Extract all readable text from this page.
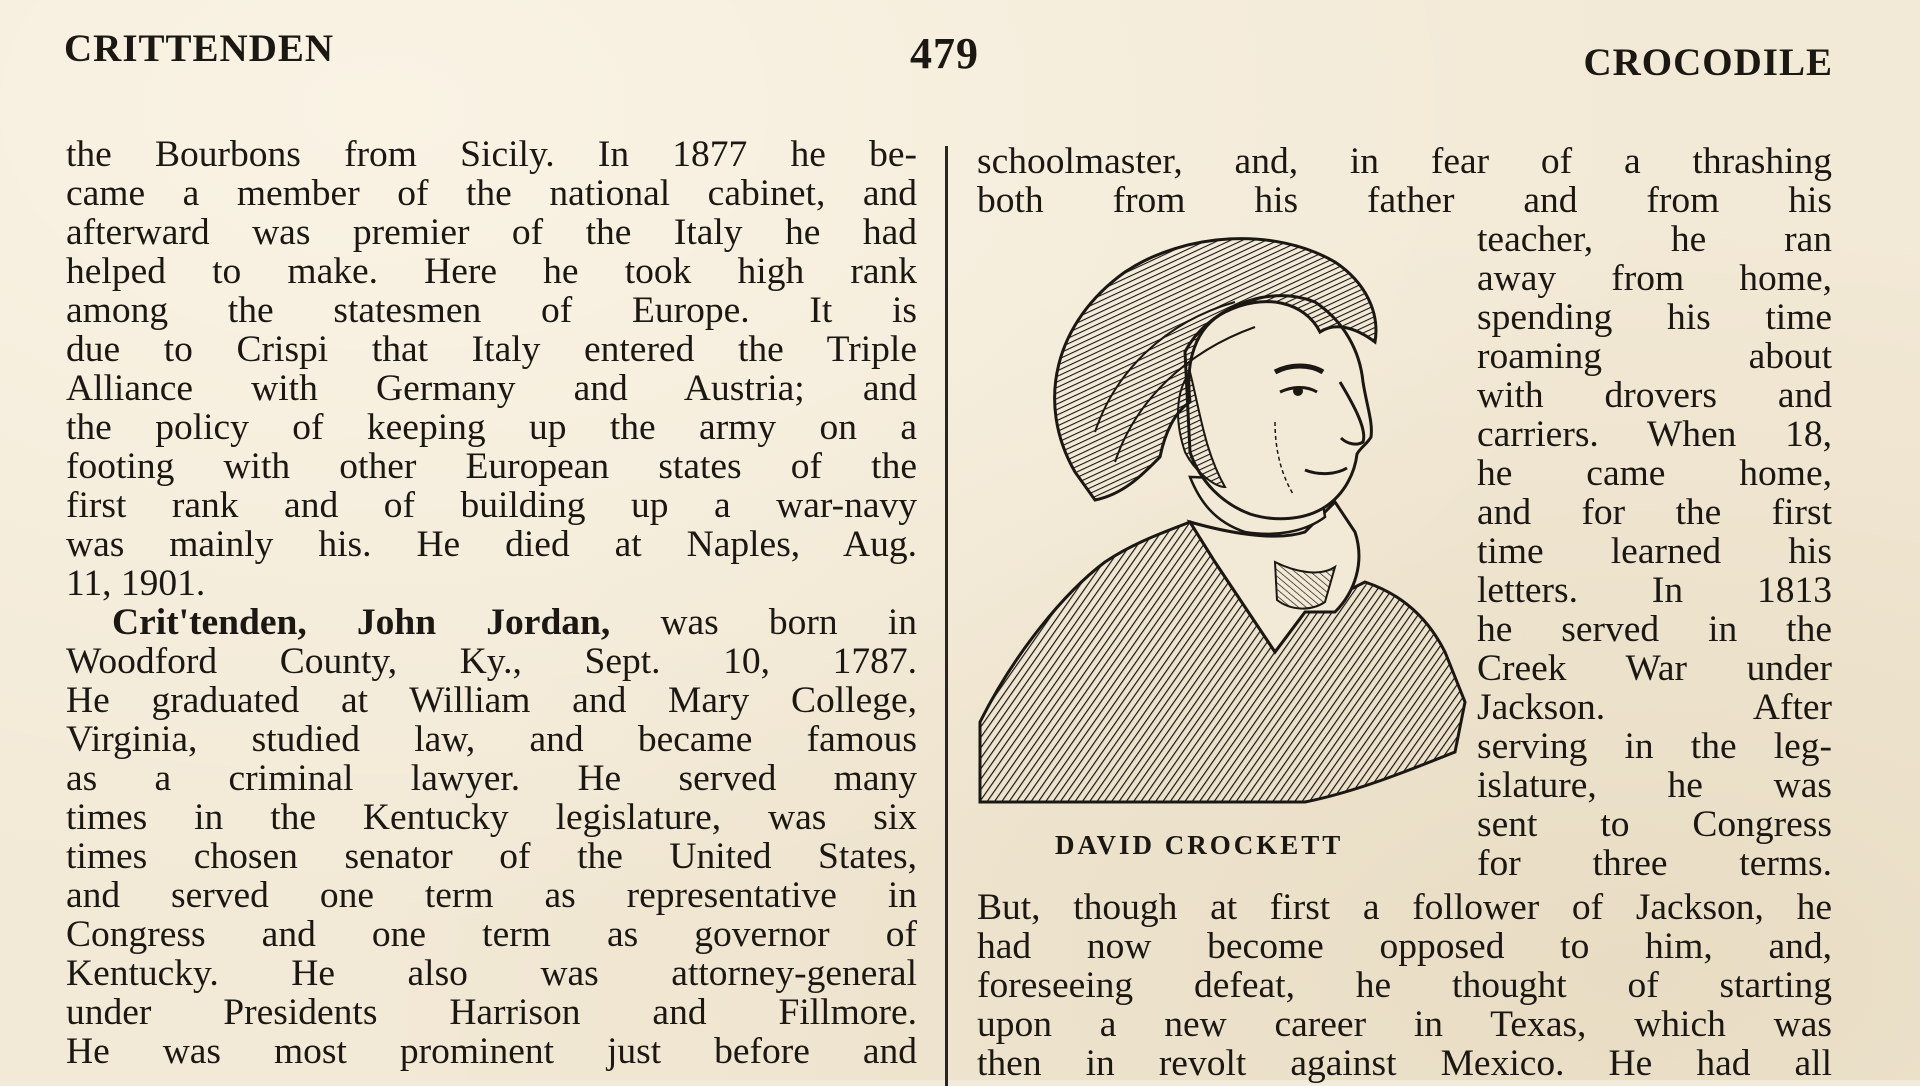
CRITTENDEN	479	CROCODILE
the Bourbons from Sicily. In 1877 he be-
came a member of the national cabinet, and
afterward was premier of the Italy he had
helped to make. Here he took high rank
among the statesmen of Europe. It is
due to Crispi that Italy entered the Triple
Alliance with Germany and Austria; and
the policy of keeping up the army on a
footing with other European states of the
first rank and of building up a war-navy
was mainly his. He died at Naples, Aug.
11, 1901.
Crit'tenden, John Jordan, was born in
Woodford County, Ky., Sept. 10, 1787.
He graduated at William and Mary College,
Virginia, studied law, and became famous
as a criminal lawyer. He served many
times in the Kentucky legislature, was six
times chosen senator of the United States,
and served one term as representative in
Congress and one term as governor of
Kentucky. He also was attorney-general
under Presidents Harrison and Fillmore.
He was most prominent just before and
schoolmaster, and, in fear of a thrashing
both from his father and from his
DAVID CROCKETT
teacher, he ran
away from home,
spending his time
roaming about
with drovers and
carriers. When 18,
he came home,
and for the first
time learned his
letters. In 1813
he served in the
Creek War under
Jackson. After
serving in the leg-
islature, he was
sent to Congress
for three terms.
But, though at first a follower of Jackson, he
had now become opposed to him, and,
foreseeing defeat, he thought of starting
upon a new career in Texas, which was
then in revolt against Mexico. He had all
